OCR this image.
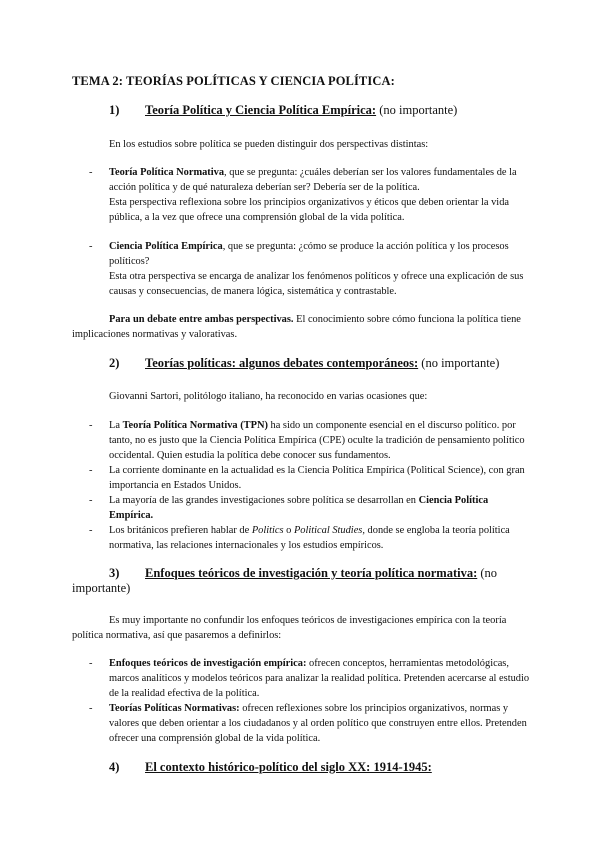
TEMA 2: TEORÍAS POLÍTICAS Y CIENCIA POLÍTICA:
1) Teoría Política y Ciencia Política Empírica: (no importante)
En los estudios sobre política se pueden distinguir dos perspectivas distintas:
- Teoría Política Normativa, que se pregunta: ¿cuáles deberían ser los valores fundamentales de la acción política y de qué naturaleza deberían ser? Debería ser de la política.
Esta perspectiva reflexiona sobre los principios organizativos y éticos que deben orientar la vida pública, a la vez que ofrece una comprensión global de la vida política.
- Ciencia Política Empírica, que se pregunta: ¿cómo se produce la acción política y los procesos políticos?
Esta otra perspectiva se encarga de analizar los fenómenos políticos y ofrece una explicación de sus causas y consecuencias, de manera lógica, sistemática y contrastable.
Para un debate entre ambas perspectivas. El conocimiento sobre cómo funciona la política tiene implicaciones normativas y valorativas.
2) Teorías políticas: algunos debates contemporáneos: (no importante)
Giovanni Sartori, politólogo italiano, ha reconocido en varias ocasiones que:
- La Teoría Política Normativa (TPN) ha sido un componente esencial en el discurso político. por tanto, no es justo que la Ciencia Política Empírica (CPE) oculte la tradición de pensamiento político occidental. Quien estudia la política debe conocer sus fundamentos.
- La corriente dominante en la actualidad es la Ciencia Política Empírica (Political Science), con gran importancia en Estados Unidos.
- La mayoría de las grandes investigaciones sobre política se desarrollan en Ciencia Política Empírica.
- Los británicos prefieren hablar de Politics o Political Studies, donde se engloba la teoría política normativa, las relaciones internacionales y los estudios empíricos.
3) Enfoques teóricos de investigación y teoría política normativa: (no importante)
Es muy importante no confundir los enfoques teóricos de investigaciones empírica con la teoría política normativa, así que pasaremos a definirlos:
- Enfoques teóricos de investigación empírica: ofrecen conceptos, herramientas metodológicas, marcos analíticos y modelos teóricos para analizar la realidad política. Pretenden acercarse al estudio de la realidad efectiva de la política.
- Teorías Políticas Normativas: ofrecen reflexiones sobre los principios organizativos, normas y valores que deben orientar a los ciudadanos y al orden político que construyen entre ellos. Pretenden ofrecer una comprensión global de la vida política.
4) El contexto histórico-político del siglo XX: 1914-1945:
